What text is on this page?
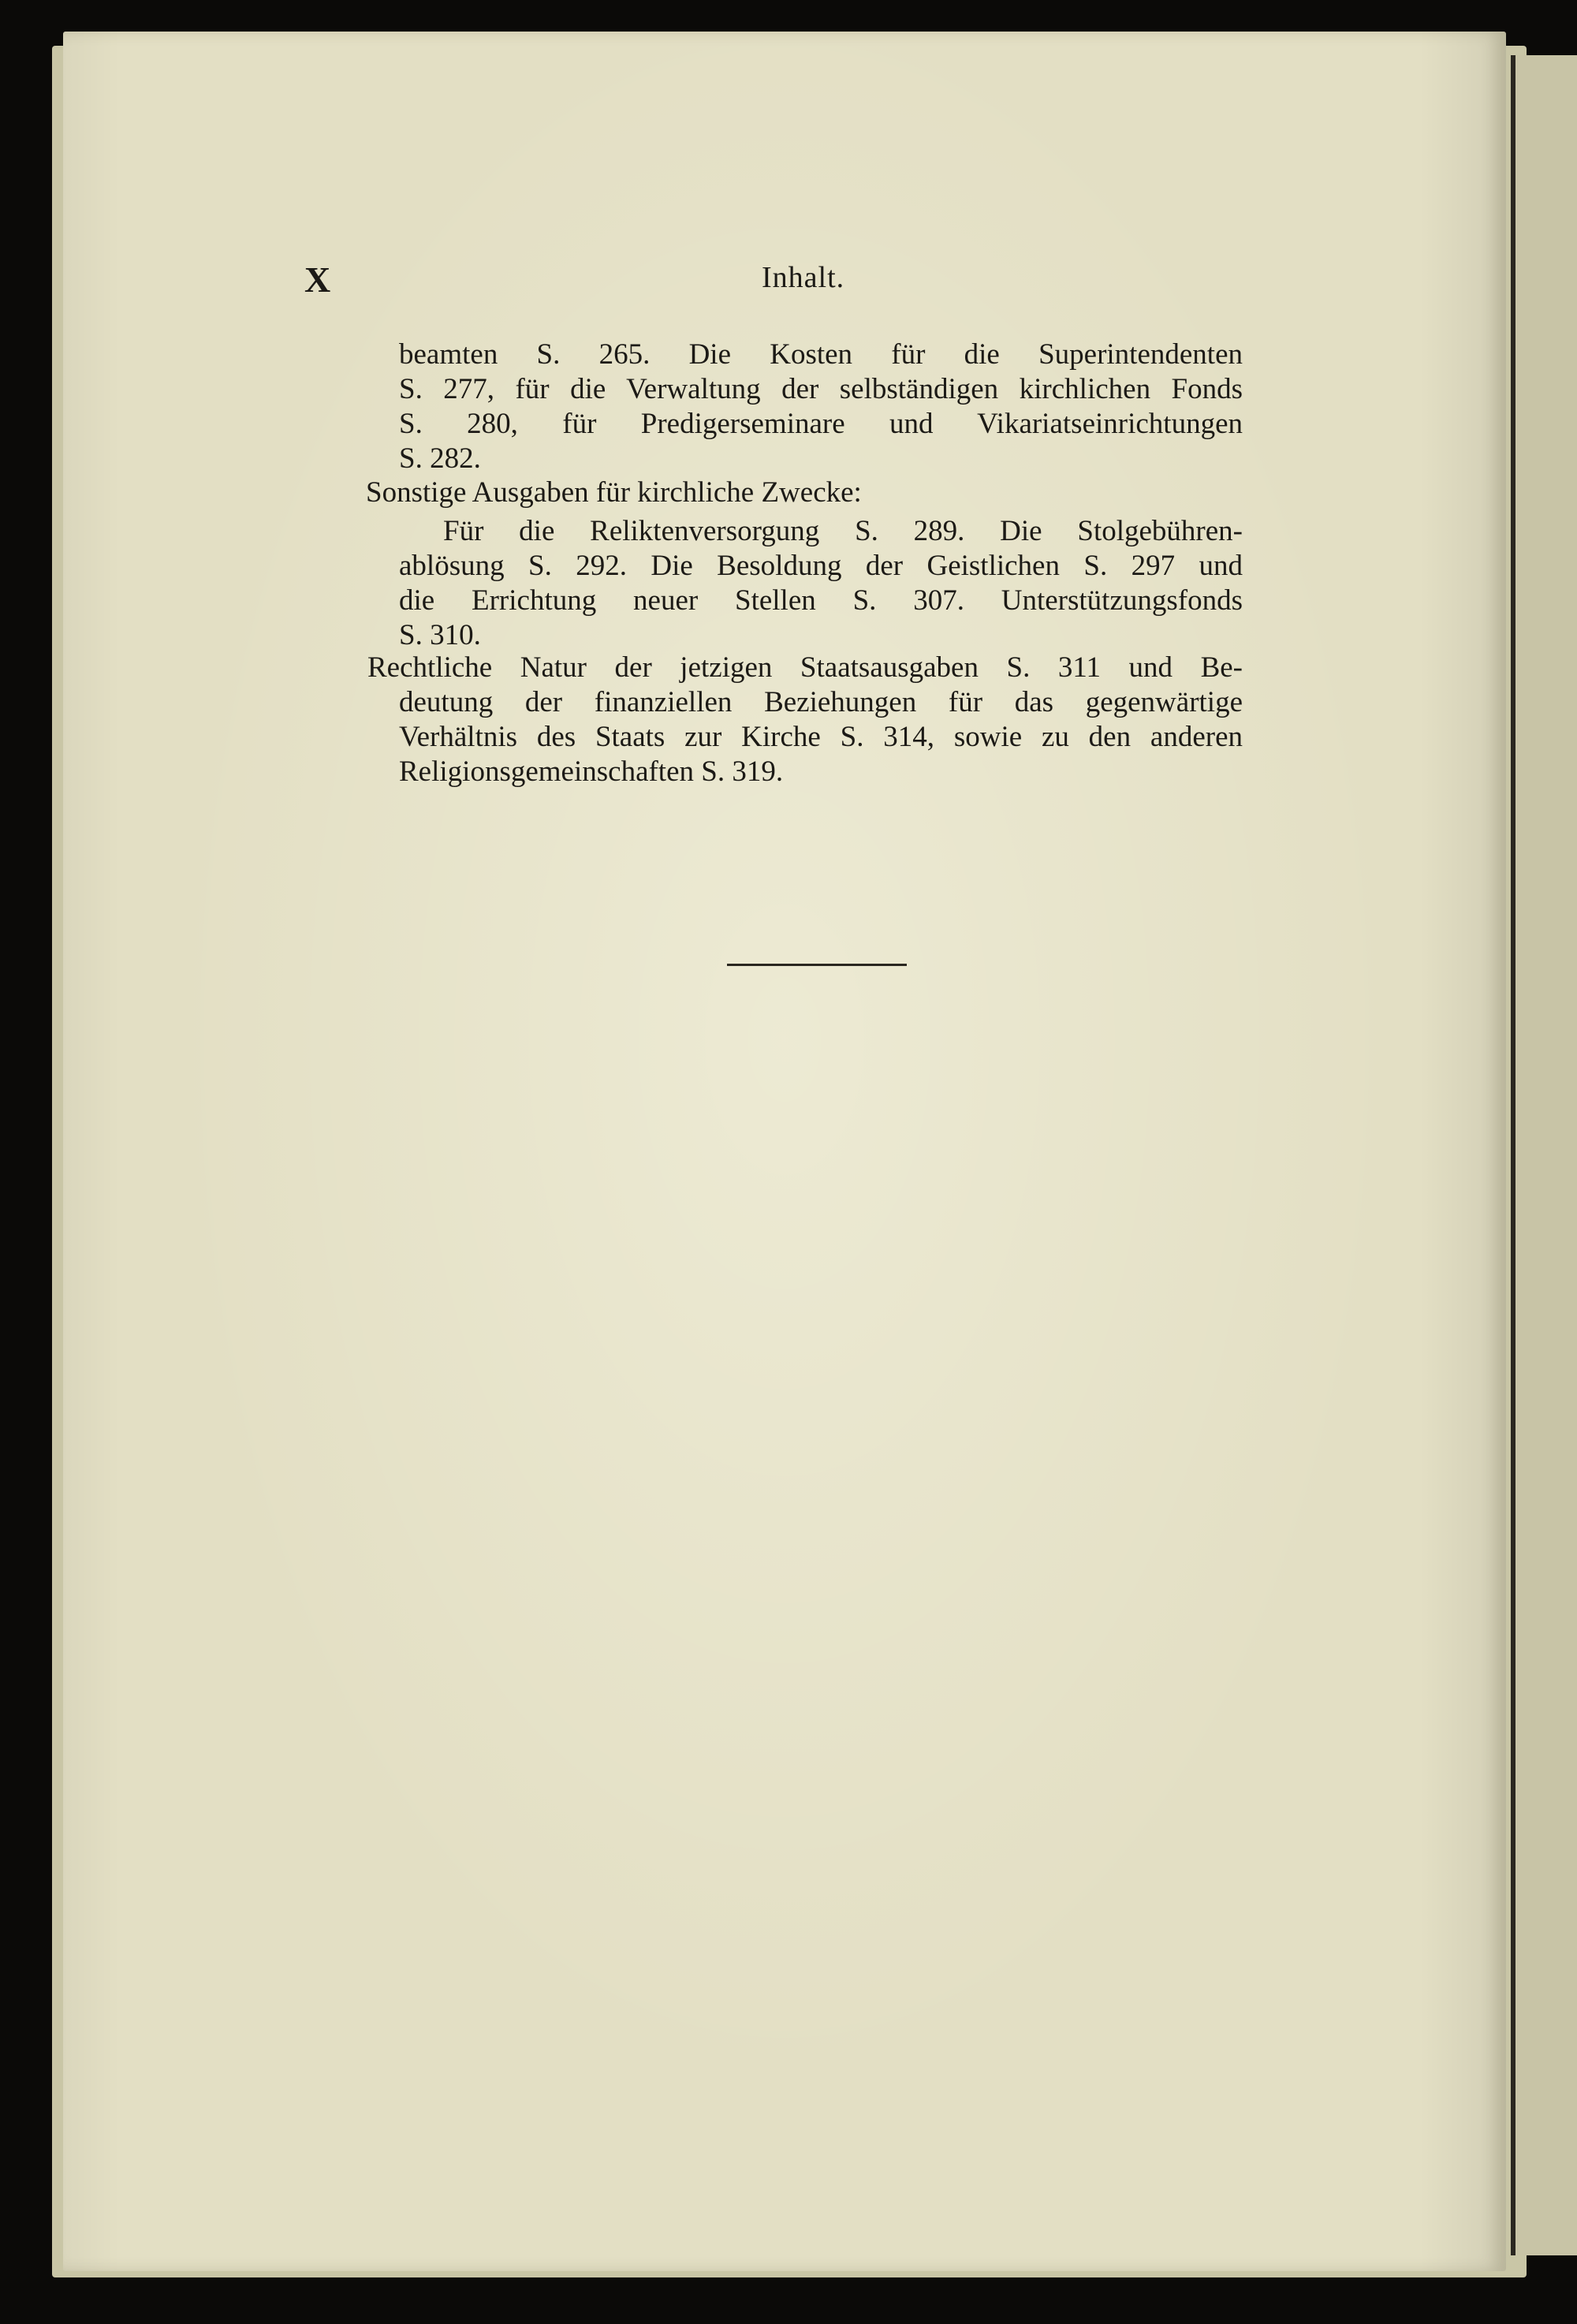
X	Inhalt.

beamten S. 265. Die Kosten für die Superintendenten

S. 277, für die Verwaltung der selbständigen kirchlichen Fonds

S. 280, für Predigerseminare und Vikariatseinrichtungen

S. 282.

Sonstige Ausgaben für kirchliche Zwecke:

Für die Reliktenversorgung S. 289. Die Stolgebühren-

ablösung S. 292. Die Besoldung der Geistlichen S. 297 und

die Errichtung neuer Stellen S. 307. Unterstützungsfonds

S. 310.

Rechtliche Natur der jetzigen Staatsausgaben S. 311 und Be-

deutung der finanziellen Beziehungen für das gegenwärtige

Verhältnis des Staats zur Kirche S. 314, sowie zu den anderen

Religionsgemeinschaften S. 319.
